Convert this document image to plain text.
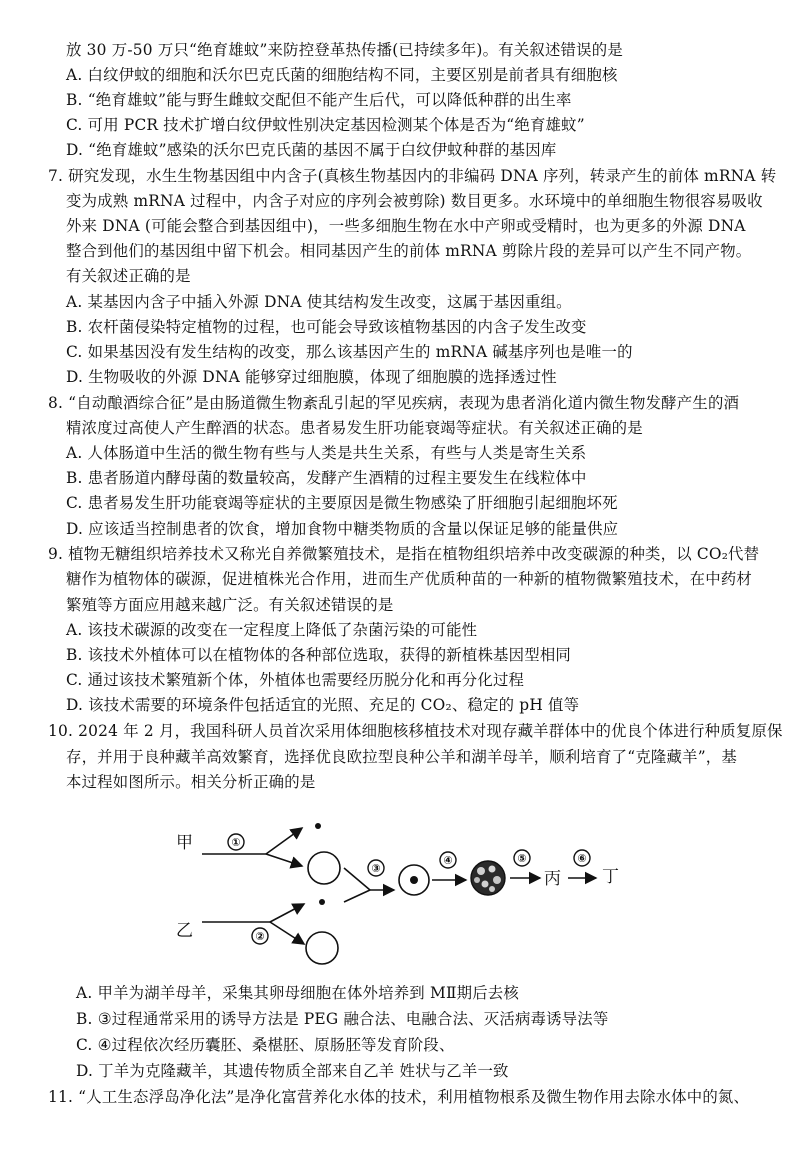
放 30 万-50 万只“绝育雄蚊”来防控登革热传播(已持续多年)。有关叙述错误的是
A. 白纹伊蚊的细胞和沃尔巴克氏菌的细胞结构不同，主要区别是前者具有细胞核
B. “绝育雄蚊”能与野生雌蚊交配但不能产生后代，可以降低种群的出生率
C. 可用 PCR 技术扩增白纹伊蚊性别决定基因检测某个体是否为“绝育雄蚊”
D. “绝育雄蚊”感染的沃尔巴克氏菌的基因不属于白纹伊蚊种群的基因库
7. 研究发现，水生生物基因组中内含子(真核生物基因内的非编码 DNA 序列，转录产生的前体 mRNA 转
变为成熟 mRNA 过程中，内含子对应的序列会被剪除) 数目更多。水环境中的单细胞生物很容易吸收
外来 DNA (可能会整合到基因组中)，一些多细胞生物在水中产卵或受精时，也为更多的外源 DNA
整合到他们的基因组中留下机会。相同基因产生的前体 mRNA 剪除片段的差异可以产生不同产物。
有关叙述正确的是
A. 某基因内含子中插入外源 DNA 使其结构发生改变，这属于基因重组。
B. 农杆菌侵染特定植物的过程，也可能会导致该植物基因的内含子发生改变
C. 如果基因没有发生结构的改变，那么该基因产生的 mRNA 碱基序列也是唯一的
D. 生物吸收的外源 DNA 能够穿过细胞膜，体现了细胞膜的选择透过性
8. “自动酿酒综合征”是由肠道微生物紊乱引起的罕见疾病，表现为患者消化道内微生物发酵产生的酒
精浓度过高使人产生醉酒的状态。患者易发生肝功能衰竭等症状。有关叙述正确的是
A. 人体肠道中生活的微生物有些与人类是共生关系，有些与人类是寄生关系
B. 患者肠道内酵母菌的数量较高，发酵产生酒精的过程主要发生在线粒体中
C. 患者易发生肝功能衰竭等症状的主要原因是微生物感染了肝细胞引起细胞坏死
D. 应该适当控制患者的饮食，增加食物中糖类物质的含量以保证足够的能量供应
9. 植物无糖组织培养技术又称光自养微繁殖技术，是指在植物组织培养中改变碳源的种类，以 CO₂代替
糖作为植物体的碳源，促进植株光合作用，进而生产优质种苗的一种新的植物微繁殖技术，在中药材
繁殖等方面应用越来越广泛。有关叙述错误的是
A. 该技术碳源的改变在一定程度上降低了杂菌污染的可能性
B. 该技术外植体可以在植物体的各种部位选取，获得的新植株基因型相同
C. 通过该技术繁殖新个体，外植体也需要经历脱分化和再分化过程
D. 该技术需要的环境条件包括适宜的光照、充足的 CO₂、稳定的 pH 值等
10. 2024 年 2 月，我国科研人员首次采用体细胞核移植技术对现存藏羊群体中的优良个体进行种质复原保
存，并用于良种藏羊高效繁育，选择优良欧拉型良种公羊和湖羊母羊，顺利培育了“克隆藏羊”，基
本过程如图所示。相关分析正确的是
甲
乙
①
②
③
④	⑤
丙
⑥
丁
A. 甲羊为湖羊母羊，采集其卵母细胞在体外培养到 MⅡ期后去核
B. ③过程通常采用的诱导方法是 PEG 融合法、电融合法、灭活病毒诱导法等
C. ④过程依次经历囊胚、桑椹胚、原肠胚等发育阶段、
D. 丁羊为克隆藏羊，其遗传物质全部来自乙羊 姓状与乙羊一致
11. “人工生态浮岛净化法”是净化富营养化水体的技术，利用植物根系及微生物作用去除水体中的氮、
